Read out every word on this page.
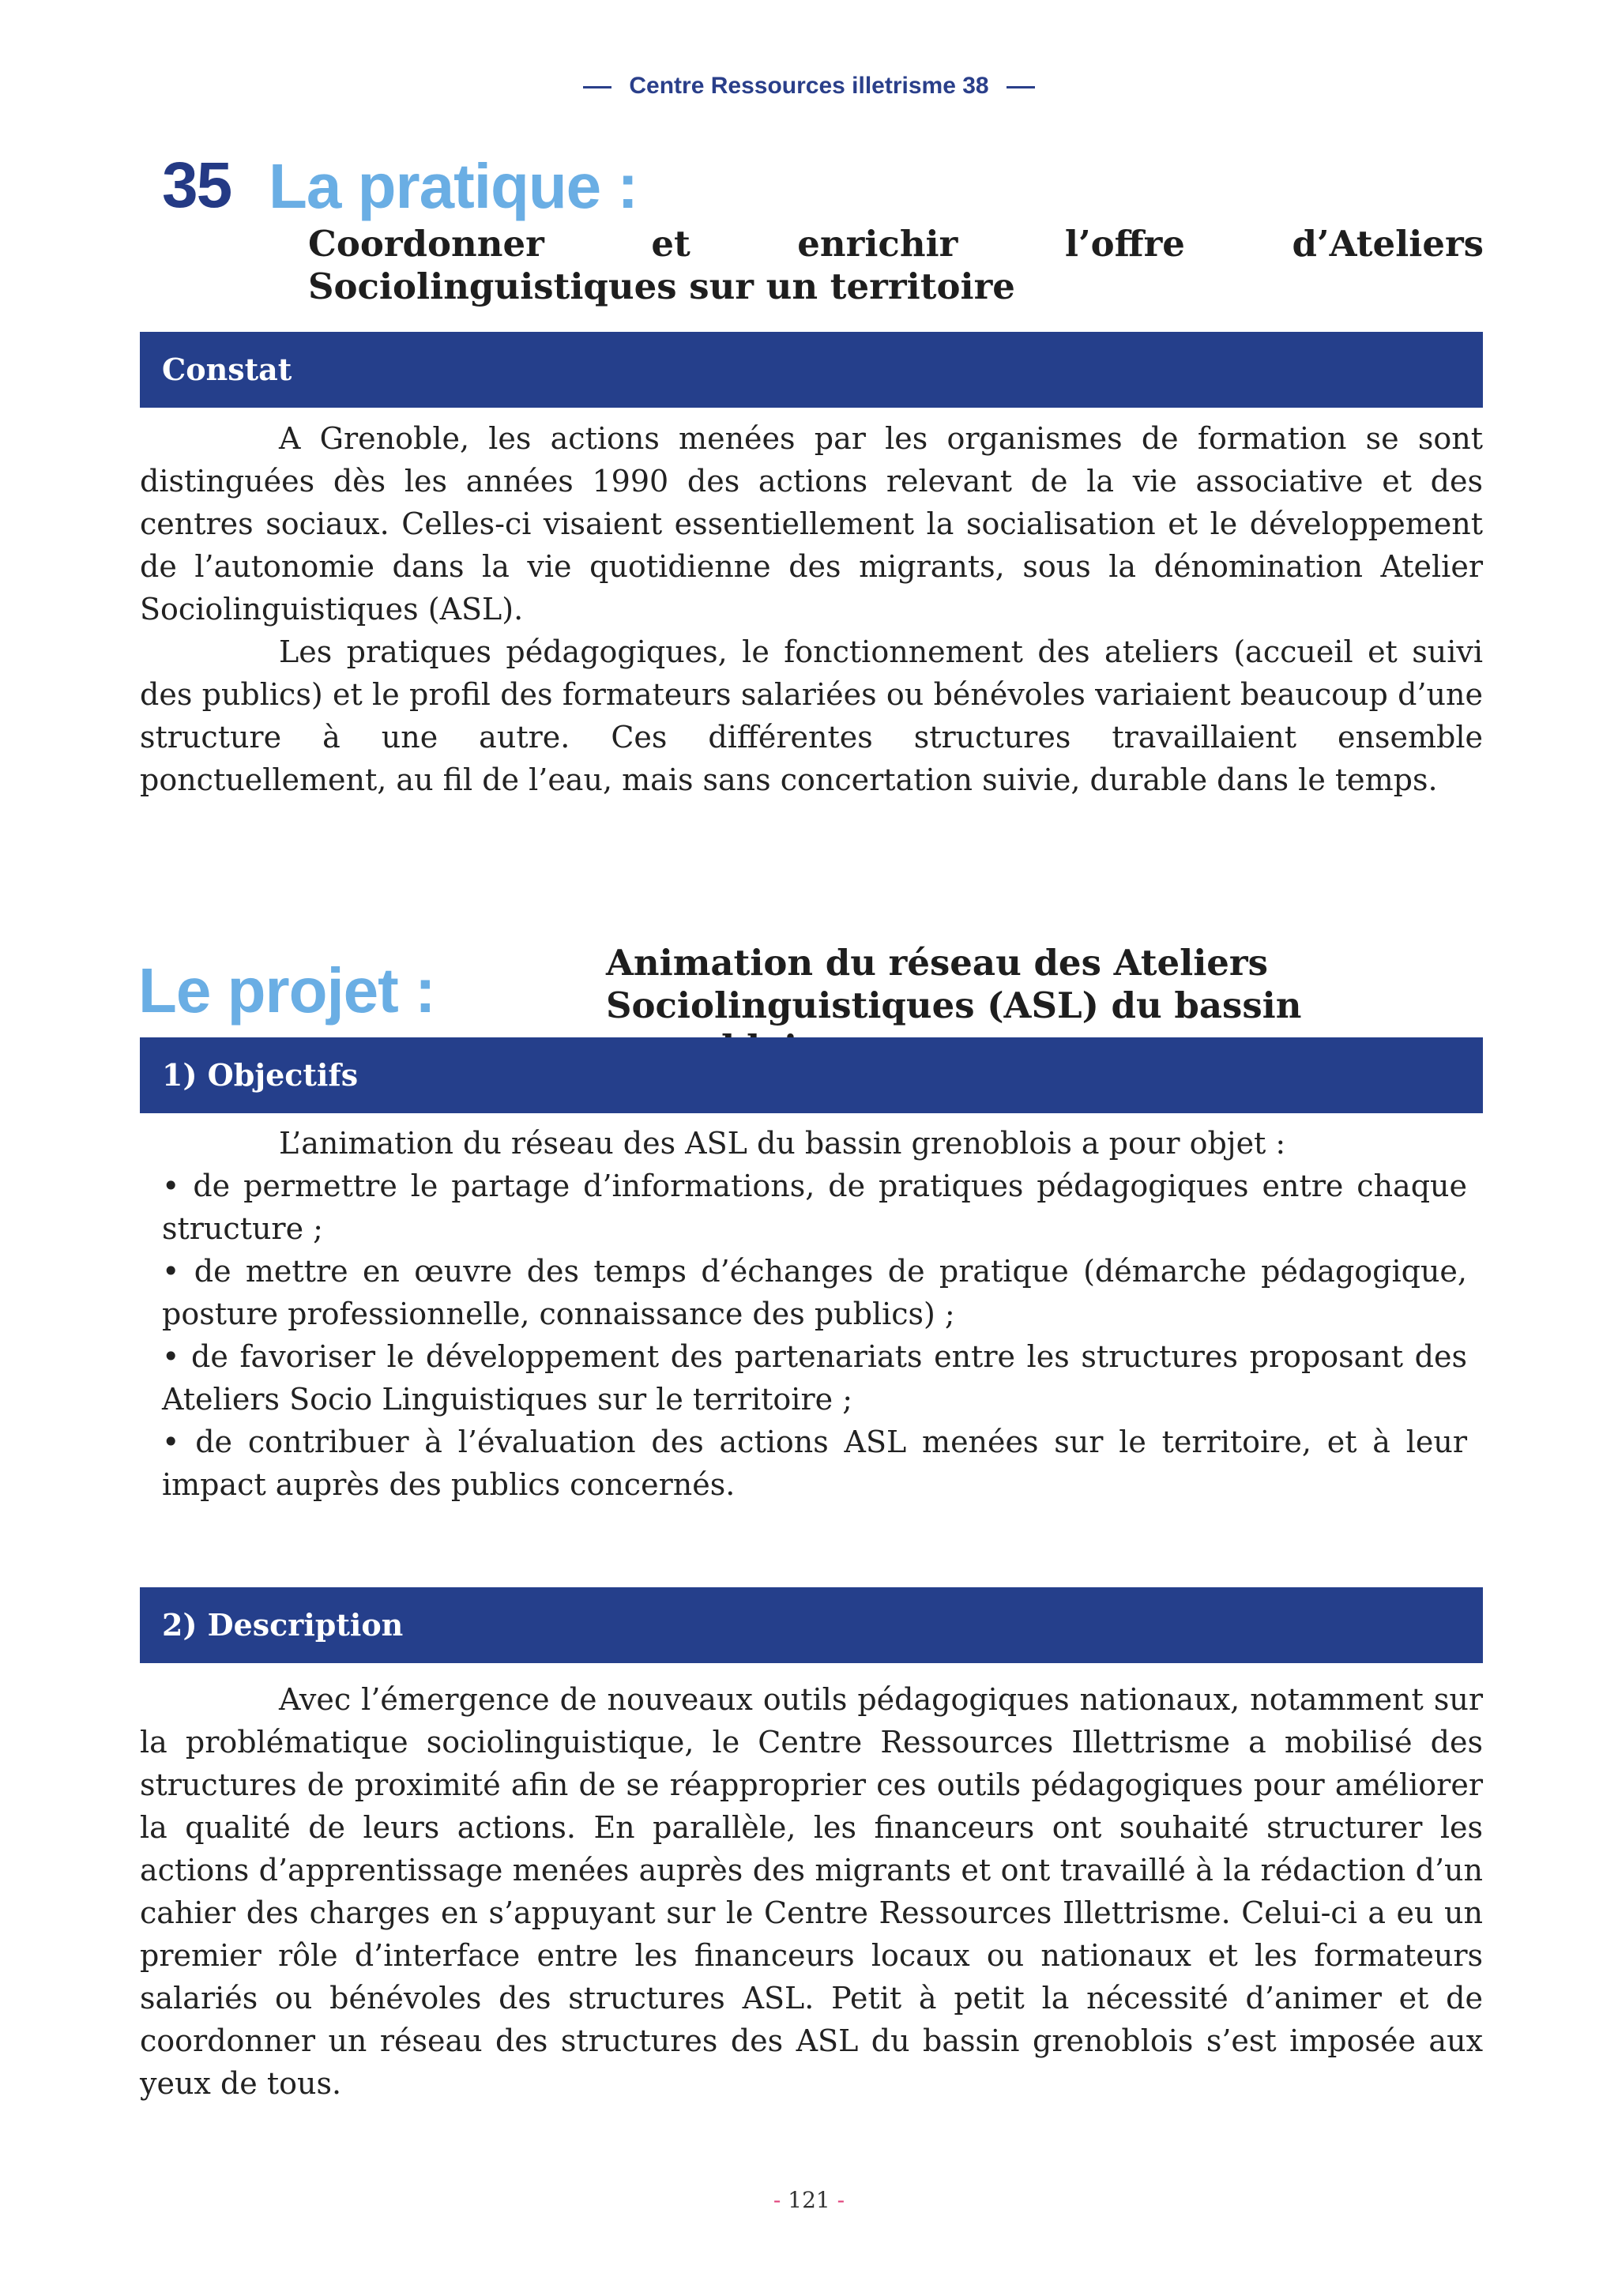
Centre Ressources illetrisme 38
35 La pratique :
Coordonner et enrichir l’offre d’Ateliers Sociolinguistiques sur un territoire
Constat

A Grenoble, les actions menées par les organismes de formation se sont distinguées dès les années 1990 des actions relevant de la vie associative et des centres sociaux. Celles-ci visaient essentiellement la socialisation et le développement de l’autonomie dans la vie quotidienne des migrants, sous la dénomination Atelier Sociolinguistiques (ASL).

Les pratiques pédagogiques, le fonctionnement des ateliers (accueil et suivi des publics) et le profil des formateurs salariées ou bénévoles variaient beaucoup d’une structure à une autre. Ces différentes structures travaillaient ensemble ponctuellement, au fil de l’eau, mais sans concertation suivie, durable dans le temps.

Le projet :	Animation du réseau des Ateliers Sociolinguistiques (ASL) du bassin
1) Objectifs

L’animation du réseau des ASL du bassin grenoblois a pour objet :

• de permettre le partage d’informations, de pratiques pédagogiques entre chaque structure ;
• de mettre en œuvre des temps d’échanges de pratique (démarche pédagogique, posture professionnelle, connaissance des publics) ;
• de favoriser le développement des partenariats entre les structures proposant des Ateliers Socio Linguistiques sur le territoire ;
• de contribuer à l’évaluation des actions ASL menées sur le territoire, et à leur impact auprès des publics concernés.
2) Description

Avec l’émergence de nouveaux outils pédagogiques nationaux, notamment sur la problématique sociolinguistique, le Centre Ressources Illettrisme a mobilisé des structures de proximité afin de se réapproprier ces outils pédagogiques pour améliorer la qualité de leurs actions. En parallèle, les financeurs ont souhaité structurer les actions d’apprentissage menées auprès des migrants et ont travaillé à la rédaction d’un cahier des charges en s’appuyant sur le Centre Ressources Illettrisme. Celui-ci a eu un premier rôle d’interface entre les financeurs locaux ou nationaux et les formateurs salariés ou bénévoles des structures ASL. Petit à petit la nécessité d’animer et de coordonner un réseau des structures des ASL du bassin grenoblois s’est imposée aux yeux de tous.

- 121 -
